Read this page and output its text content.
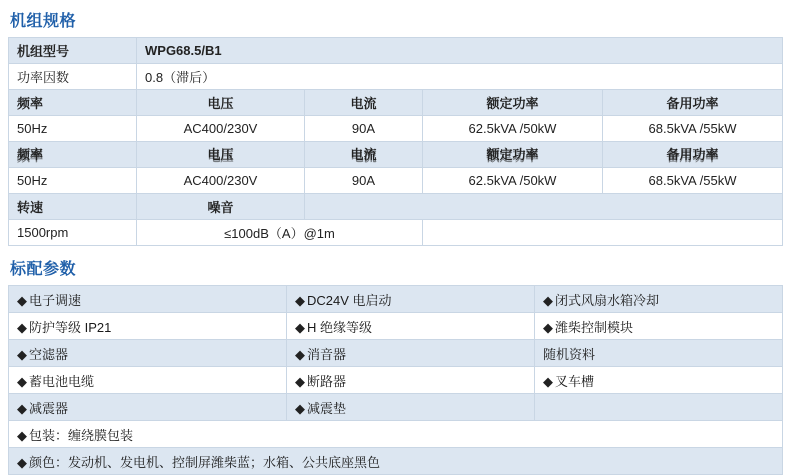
机组规格
机组型号	WPG68.5/B1			
功率因数	0.8（滞后）			
频率	电压	电流	额定功率	备用功率
50Hz	AC400/230V	90A	62.5kVA /50kW	68.5kVA /55kW

频率 频率	电压 电压	电流 电流	额定功率 额定功率	备用功率 备用功率

50Hz	AC400/230V	90A	62.5kVA /50kW	68.5kVA /55kW
转速	噪音			
1500rpm	≤100dB（A）@1m			
标配参数
◆ 电子调速	◆ DC24V 电启动	◆ 闭式风扇水箱冷却
◆ 防护等级 IP21	◆ H 绝缘等级	◆ 潍柴控制模块
◆ 空滤器	◆ 消音器	随机资料
◆ 蓄电池电缆	◆ 断路器	◆ 叉车槽
◆ 减震器	◆ 减震垫	
◆ 包装：缠绕膜包装		
◆ 颜色：发动机、发电机、控制屏潍柴蓝；水箱、公共底座黑色		
